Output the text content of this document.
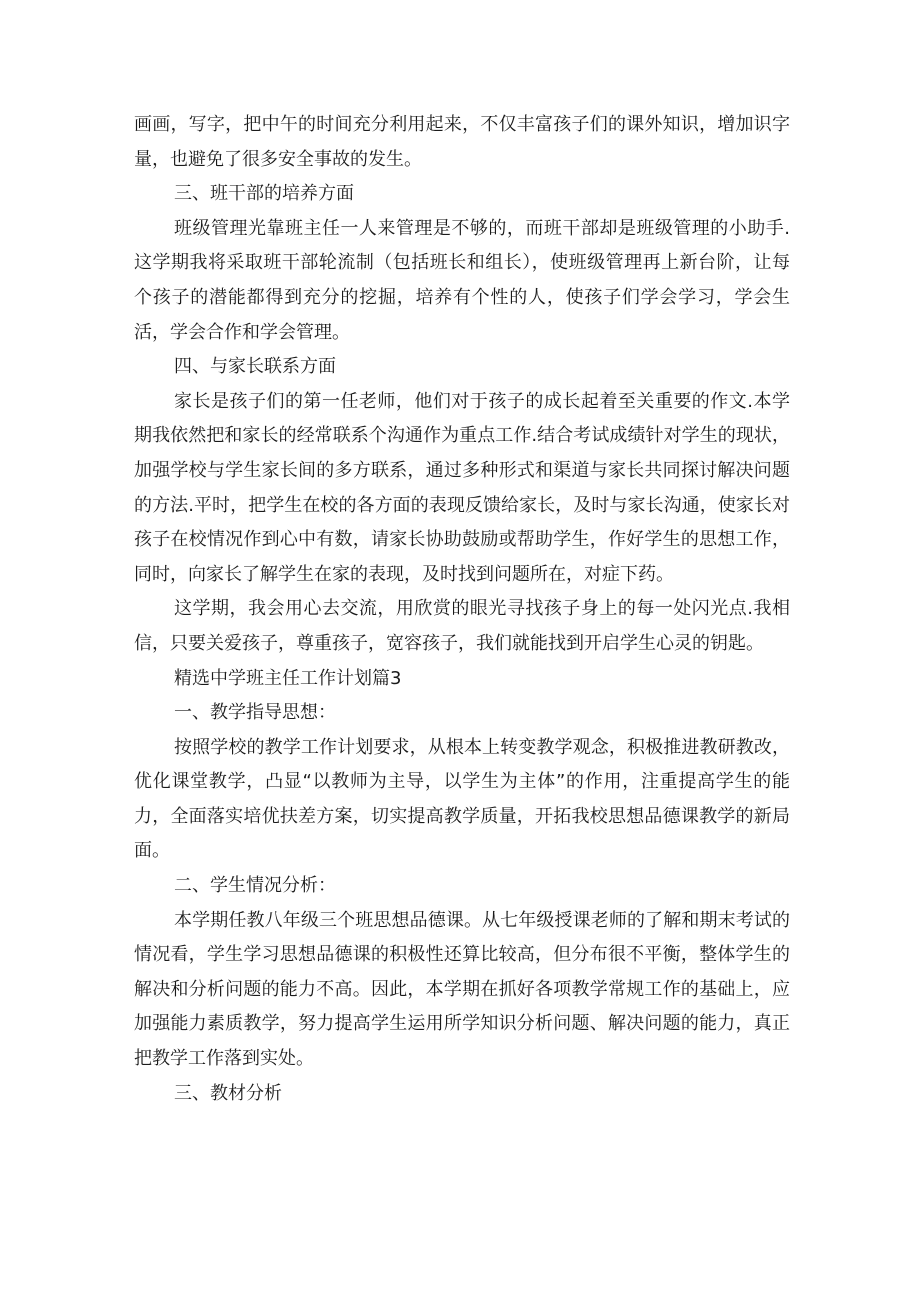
画画，写字，把中午的时间充分利用起来，不仅丰富孩子们的课外知识，增加识字量，也避免了很多安全事故的发生。

三、班干部的培养方面

班级管理光靠班主任一人来管理是不够的，而班干部却是班级管理的小助手.这学期我将采取班干部轮流制（包括班长和组长），使班级管理再上新台阶，让每个孩子的潜能都得到充分的挖掘，培养有个性的人，使孩子们学会学习，学会生活，学会合作和学会管理。

四、与家长联系方面

家长是孩子们的第一任老师，他们对于孩子的成长起着至关重要的作文.本学期我依然把和家长的经常联系个沟通作为重点工作.结合考试成绩针对学生的现状，加强学校与学生家长间的多方联系，通过多种形式和渠道与家长共同探讨解决问题的方法.平时，把学生在校的各方面的表现反馈给家长，及时与家长沟通，使家长对孩子在校情况作到心中有数，请家长协助鼓励或帮助学生，作好学生的思想工作，同时，向家长了解学生在家的表现，及时找到问题所在，对症下药。

这学期，我会用心去交流，用欣赏的眼光寻找孩子身上的每一处闪光点.我相信，只要关爱孩子，尊重孩子，宽容孩子，我们就能找到开启学生心灵的钥匙。

精选中学班主任工作计划篇3

一、教学指导思想：

按照学校的教学工作计划要求，从根本上转变教学观念，积极推进教研教改，优化课堂教学，凸显“以教师为主导，以学生为主体”的作用，注重提高学生的能力，全面落实培优扶差方案，切实提高教学质量，开拓我校思想品德课教学的新局面。

二、学生情况分析：

本学期任教八年级三个班思想品德课。从七年级授课老师的了解和期末考试的情况看，学生学习思想品德课的积极性还算比较高，但分布很不平衡，整体学生的解决和分析问题的能力不高。因此，本学期在抓好各项教学常规工作的基础上，应加强能力素质教学，努力提高学生运用所学知识分析问题、解决问题的能力，真正把教学工作落到实处。

三、教材分析
